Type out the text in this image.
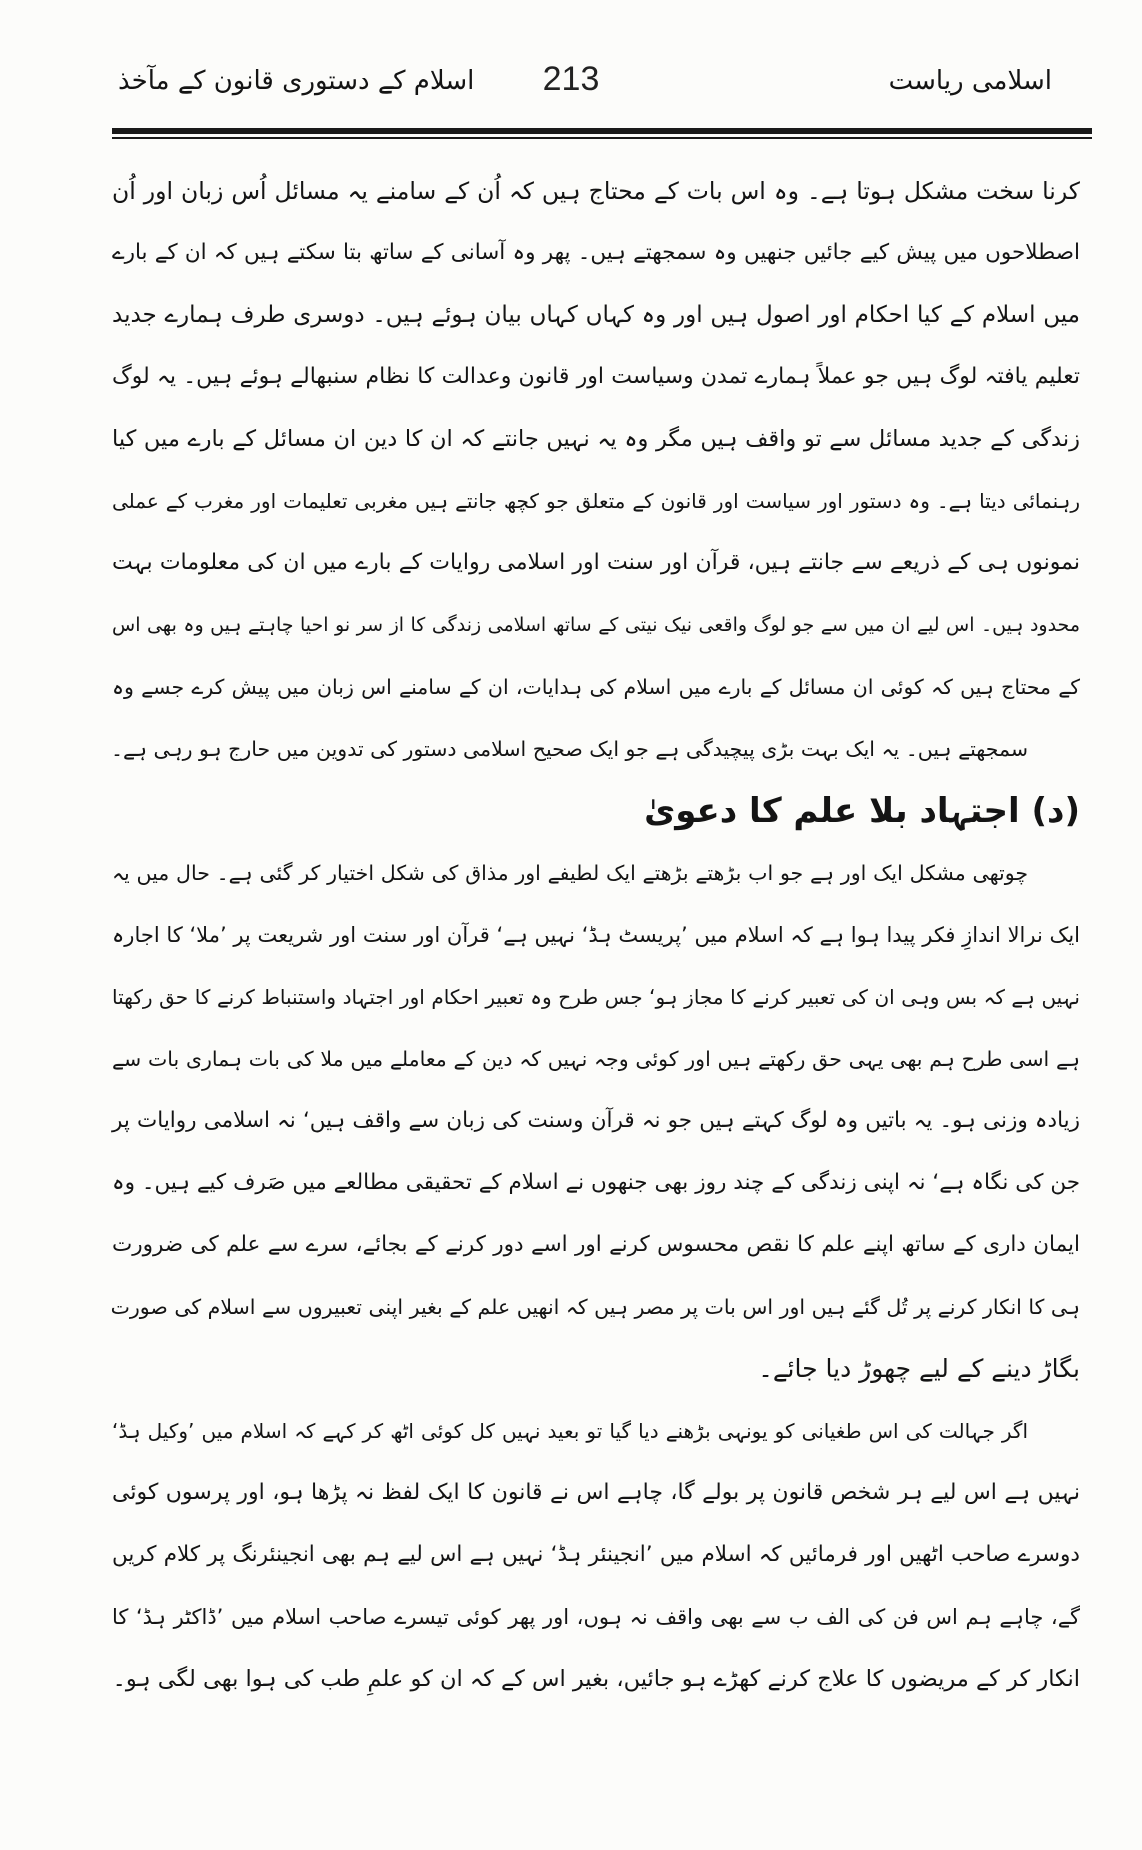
اسلامی ریاست
213
اسلام کے دستوری قانون کے مآخذ
کرنا سخت مشکل ہوتا ہے۔ وہ اس بات کے محتاج ہیں کہ اُن کے سامنے یہ مسائل اُس زبان اور اُن
اصطلاحوں میں پیش کیے جائیں جنھیں وہ سمجھتے ہیں۔ پھر وہ آسانی کے ساتھ بتا سکتے ہیں کہ ان کے بارے
میں اسلام کے کیا احکام اور اصول ہیں اور وہ کہاں کہاں بیان ہوئے ہیں۔ دوسری طرف ہمارے جدید
تعلیم یافتہ لوگ ہیں جو عملاً ہمارے تمدن وسیاست اور قانون وعدالت کا نظام سنبھالے ہوئے ہیں۔ یہ لوگ
زندگی کے جدید مسائل سے تو واقف ہیں مگر وہ یہ نہیں جانتے کہ ان کا دین ان مسائل کے بارے میں کیا
رہنمائی دیتا ہے۔ وہ دستور اور سیاست اور قانون کے متعلق جو کچھ جانتے ہیں مغربی تعلیمات اور مغرب کے عملی
نمونوں ہی کے ذریعے سے جانتے ہیں، قرآن اور سنت اور اسلامی روایات کے بارے میں ان کی معلومات بہت
محدود ہیں۔ اس لیے ان میں سے جو لوگ واقعی نیک نیتی کے ساتھ اسلامی زندگی کا از سر نو احیا چاہتے ہیں وہ بھی اس
کے محتاج ہیں کہ کوئی ان مسائل کے بارے میں اسلام کی ہدایات، ان کے سامنے اس زبان میں پیش کرے جسے وہ
سمجھتے ہیں۔ یہ ایک بہت بڑی پیچیدگی ہے جو ایک صحیح اسلامی دستور کی تدوین میں حارج ہو رہی ہے۔
(د) اجتہاد بلا علم کا دعویٰ
چوتھی مشکل ایک اور ہے جو اب بڑھتے بڑھتے ایک لطیفے اور مذاق کی شکل اختیار کر گئی ہے۔ حال میں یہ
ایک نرالا اندازِ فکر پیدا ہوا ہے کہ اسلام میں ’پریسٹ ہڈ‘ نہیں ہے‘ قرآن اور سنت اور شریعت پر ’ملا‘ کا اجارہ
نہیں ہے کہ بس وہی ان کی تعبیر کرنے کا مجاز ہو‘ جس طرح وہ تعبیر احکام اور اجتہاد واستنباط کرنے کا حق رکھتا
ہے اسی طرح ہم بھی یہی حق رکھتے ہیں اور کوئی وجہ نہیں کہ دین کے معاملے میں ملا کی بات ہماری بات سے
زیادہ وزنی ہو۔ یہ باتیں وہ لوگ کہتے ہیں جو نہ قرآن وسنت کی زبان سے واقف ہیں‘ نہ اسلامی روایات پر
جن کی نگاہ ہے‘ نہ اپنی زندگی کے چند روز بھی جنھوں نے اسلام کے تحقیقی مطالعے میں صَرف کیے ہیں۔ وہ
ایمان داری کے ساتھ اپنے علم کا نقص محسوس کرنے اور اسے دور کرنے کے بجائے، سرے سے علم کی ضرورت
ہی کا انکار کرنے پر تُل گئے ہیں اور اس بات پر مصر ہیں کہ انھیں علم کے بغیر اپنی تعبیروں سے اسلام کی صورت
بگاڑ دینے کے لیے چھوڑ دیا جائے۔
اگر جہالت کی اس طغیانی کو یونہی بڑھنے دیا گیا تو بعید نہیں کل کوئی اٹھ کر کہے کہ اسلام میں ’وکیل ہڈ‘
نہیں ہے اس لیے ہر شخص قانون پر بولے گا، چاہے اس نے قانون کا ایک لفظ نہ پڑھا ہو، اور پرسوں کوئی
دوسرے صاحب اٹھیں اور فرمائیں کہ اسلام میں ’انجینئر ہڈ‘ نہیں ہے اس لیے ہم بھی انجینئرنگ پر کلام کریں
گے، چاہے ہم اس فن کی الف ب سے بھی واقف نہ ہوں، اور پھر کوئی تیسرے صاحب اسلام میں ’ڈاکٹر ہڈ‘ کا
انکار کر کے مریضوں کا علاج کرنے کھڑے ہو جائیں، بغیر اس کے کہ ان کو علمِ طب کی ہوا بھی لگی ہو۔
